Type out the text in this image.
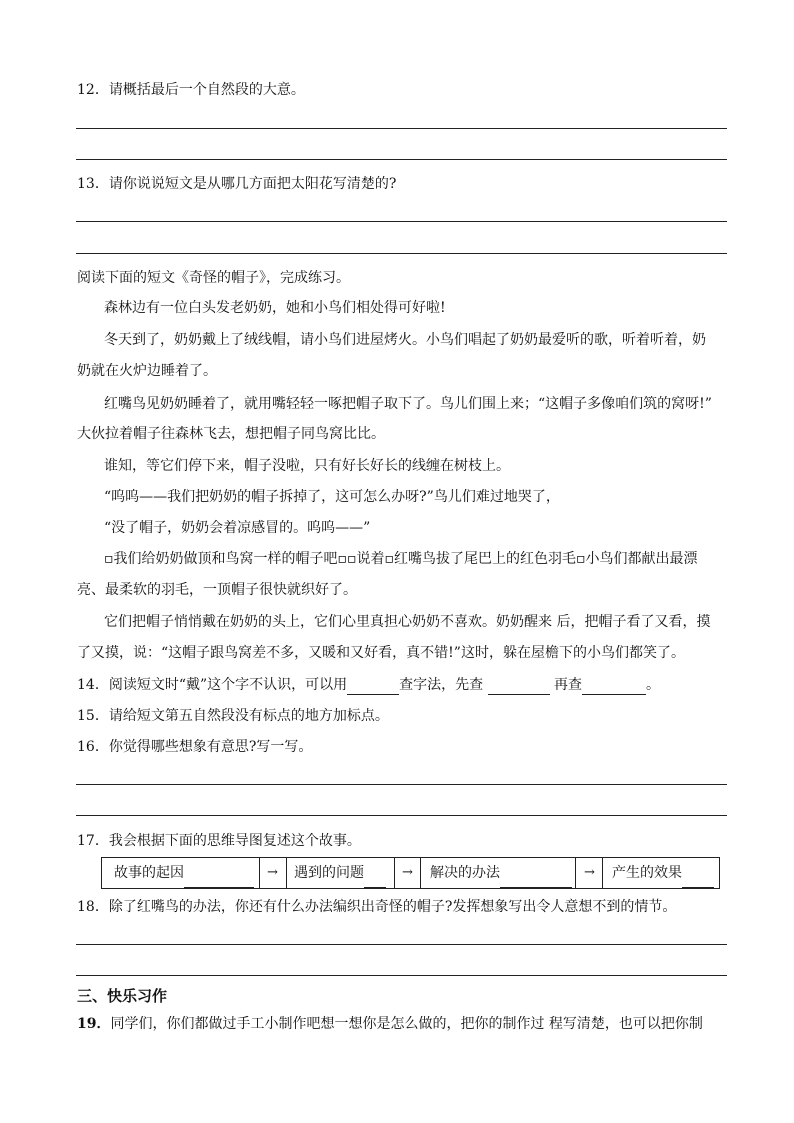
12．请概括最后一个自然段的大意。
13．请你说说短文是从哪几方面把太阳花写清楚的?
阅读下面的短文《奇怪的帽子》，完成练习。
森林边有一位白头发老奶奶，她和小鸟们相处得可好啦!
冬天到了，奶奶戴上了绒线帽，请小鸟们进屋烤火。小鸟们唱起了奶奶最爱听的歌，听着听着，奶
奶就在火炉边睡着了。
红嘴鸟见奶奶睡着了，就用嘴轻轻一啄把帽子取下了。鸟儿们围上来；“这帽子多像咱们筑的窝呀!”
大伙拉着帽子往森林飞去，想把帽子同鸟窝比比。
谁知，等它们停下来，帽子没啦，只有好长好长的线缠在树枝上。
“呜呜——我们把奶奶的帽子拆掉了，这可怎么办呀?”鸟儿们难过地哭了，
“没了帽子，奶奶会着凉感冒的。呜呜——”
▫我们给奶奶做顶和鸟窝一样的帽子吧▫▫说着▫红嘴鸟拔了尾巴上的红色羽毛▫小鸟们都献出最漂
亮、最柔软的羽毛，一顶帽子很快就织好了。
它们把帽子悄悄戴在奶奶的头上，它们心里真担心奶奶不喜欢。奶奶醒来 后，把帽子看了又看，摸
了又摸，说：“这帽子跟鸟窝差不多，又暖和又好看，真不错!”这时，躲在屋檐下的小鸟们都笑了。
14．阅读短文时“戴”这个字不认识，可以用	查字法，先查	再查	。
15．请给短文第五自然段没有标点的地方加标点。
16．你觉得哪些想象有意思?写一写。
17．我会根据下面的思维导图复述这个故事。
故事的起因	→ 遇到的问题	→ 解决的办法	→ 产生的效果
18．除了红嘴鸟的办法，你还有什么办法编织出奇怪的帽子?发挥想象写出令人意想不到的情节。
三、快乐习作
19．同学们，你们都做过手工小制作吧想一想你是怎么做的，把你的制作过 程写清楚，也可以把你制
